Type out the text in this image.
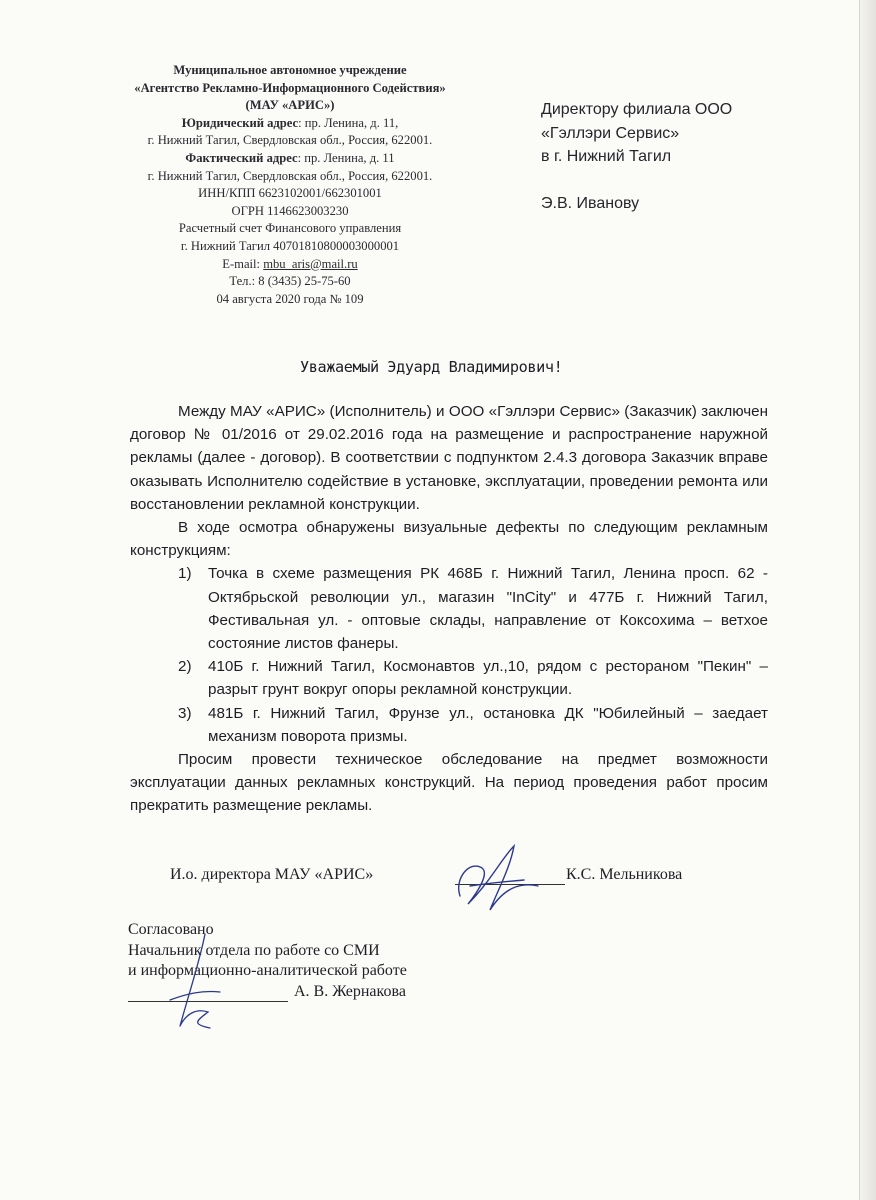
Муниципальное автономное учреждение
«Агентство Рекламно-Информационного Содействия»
(МАУ «АРИС»)
Юридический адрес: пр. Ленина, д. 11,
г. Нижний Тагил, Свердловская обл., Россия, 622001.
Фактический адрес: пр. Ленина, д. 11
г. Нижний Тагил, Свердловская обл., Россия, 622001.
ИНН/КПП 6623102001/662301001
ОГРН 1146623003230
Расчетный счет Финансового управления
г. Нижний Тагил 40701810800003000001
E-mail: mbu_aris@mail.ru
Тел.: 8 (3435) 25-75-60
04 августа 2020 года № 109
Директору филиала ООО
«Гэллэри Сервис»
в г. Нижний Тагил
Э.В. Иванову
Уважаемый Эдуард Владимирович!

Между МАУ «АРИС» (Исполнитель) и ООО «Гэллэри Сервис» (Заказчик) заключен договор № 01/2016 от 29.02.2016 года на размещение и распространение наружной рекламы (далее - договор). В соответствии с подпунктом 2.4.3 договора Заказчик вправе оказывать Исполнителю содействие в установке, эксплуатации, проведении ремонта или восстановлении рекламной конструкции.

В ходе осмотра обнаружены визуальные дефекты по следующим рекламным конструкциям:

1)	Точка в схеме размещения РК 468Б г. Нижний Тагил, Ленина просп. 62 - Октябрьской революции ул., магазин "InCity" и 477Б г. Нижний Тагил, Фестивальная ул. - оптовые склады, направление от Коксохима – ветхое состояние листов фанеры.
2)	410Б г. Нижний Тагил, Космонавтов ул.,10, рядом с рестораном "Пекин" – разрыт грунт вокруг опоры рекламной конструкции.
3)	481Б г. Нижний Тагил, Фрунзе ул., остановка ДК "Юбилейный – заедает механизм поворота призмы.

Просим провести техническое обследование на предмет возможности эксплуатации данных рекламных конструкций. На период проведения работ просим прекратить размещение рекламы.

И.о. директора МАУ «АРИС»	К.С. Мельникова
Согласовано
Начальник отдела по работе со СМИ
и информационно-аналитической работе
А. В. Жернакова
